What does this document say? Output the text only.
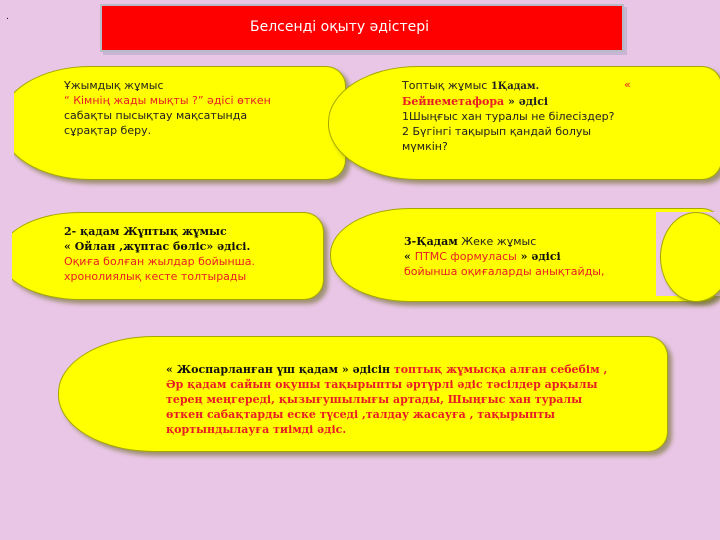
.
Белсенді оқыту әдістері
Ұжымдық жұмыс
“ Кімнің жады мықты ?” әдісі өткен
сабақты пысықтау мақсатында
сұрақтар беру.
Топтық жұмыс 1Қадам.
Бейнеметафора » әдісі
1Шыңғыс хан туралы не білесіздер?
2 Бүгінгі тақырып қандай болуы
мүмкін?
«
2- қадам Жұптық жұмыс
« Ойлан ,жұптас бөліс» әдісі.
Оқиға болған жылдар бойынша.
хронолиялық кесте толтырады
3-Қадам Жеке жұмыс
« ПТМС формуласы » әдісі
бойынша оқиғаларды анықтайды,
« Жоспарланған үш қадам » әдісін топтық жұмысқа алған себебім ,
Әр қадам сайын оқушы тақырыпты әртүрлі әдіс тәсілдер арқылы
терең меңгереді, қызығушылығы артады, Шыңғыс хан туралы
өткен сабақтарды еске түседі ,талдау жасауға , тақырыпты
қортындылауға тиімді әдіс.
